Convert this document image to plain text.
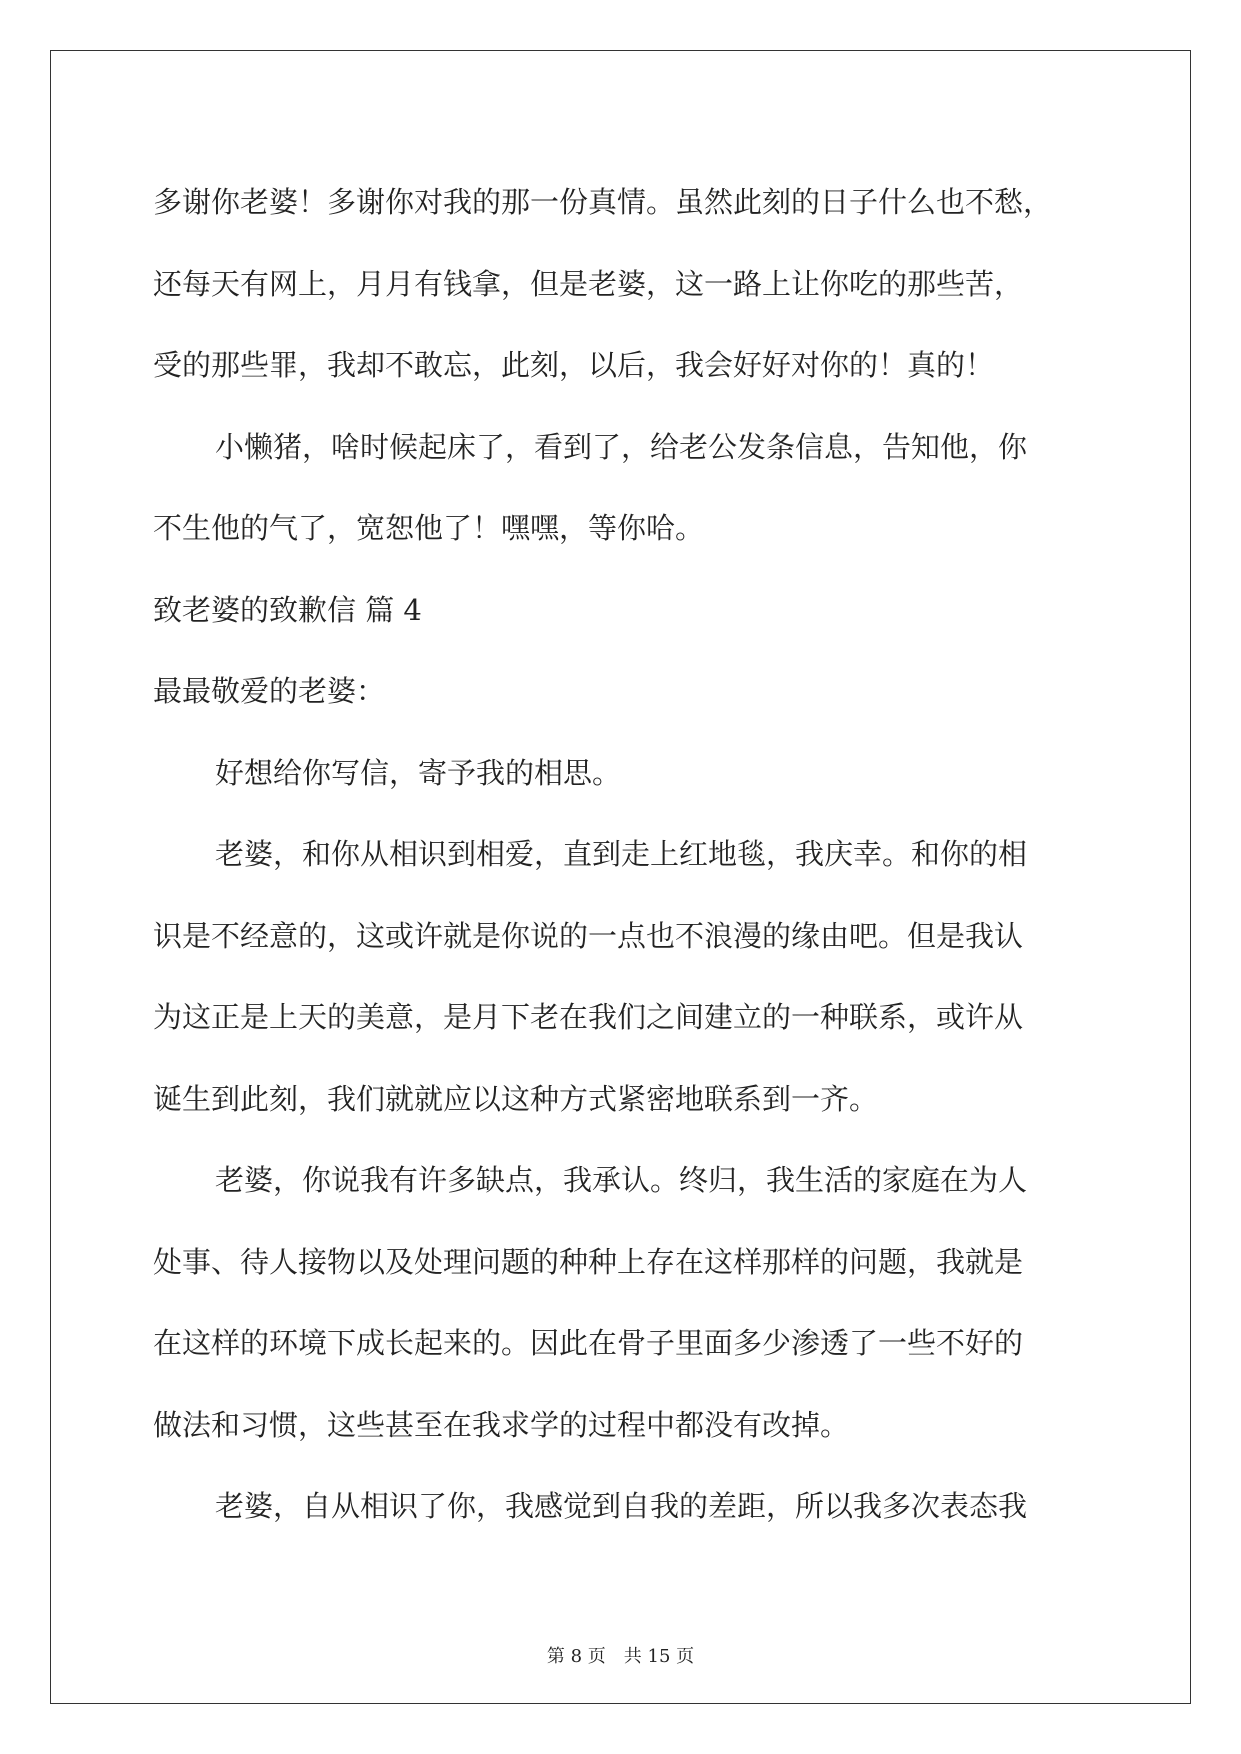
多谢你老婆！多谢你对我的那一份真情。虽然此刻的日子什么也不愁，
还每天有网上，月月有钱拿，但是老婆，这一路上让你吃的那些苦，
受的那些罪，我却不敢忘，此刻，以后，我会好好对你的！真的！
小懒猪，啥时候起床了，看到了，给老公发条信息，告知他，你
不生他的气了，宽恕他了！嘿嘿，等你哈。
致老婆的致歉信 篇 4
最最敬爱的老婆：
好想给你写信，寄予我的相思。
老婆，和你从相识到相爱，直到走上红地毯，我庆幸。和你的相
识是不经意的，这或许就是你说的一点也不浪漫的缘由吧。但是我认
为这正是上天的美意，是月下老在我们之间建立的一种联系，或许从
诞生到此刻，我们就就应以这种方式紧密地联系到一齐。
老婆，你说我有许多缺点，我承认。终归，我生活的家庭在为人
处事、待人接物以及处理问题的种种上存在这样那样的问题，我就是
在这样的环境下成长起来的。因此在骨子里面多少渗透了一些不好的
做法和习惯，这些甚至在我求学的过程中都没有改掉。
老婆，自从相识了你，我感觉到自我的差距，所以我多次表态我
第 8 页 共 15 页
